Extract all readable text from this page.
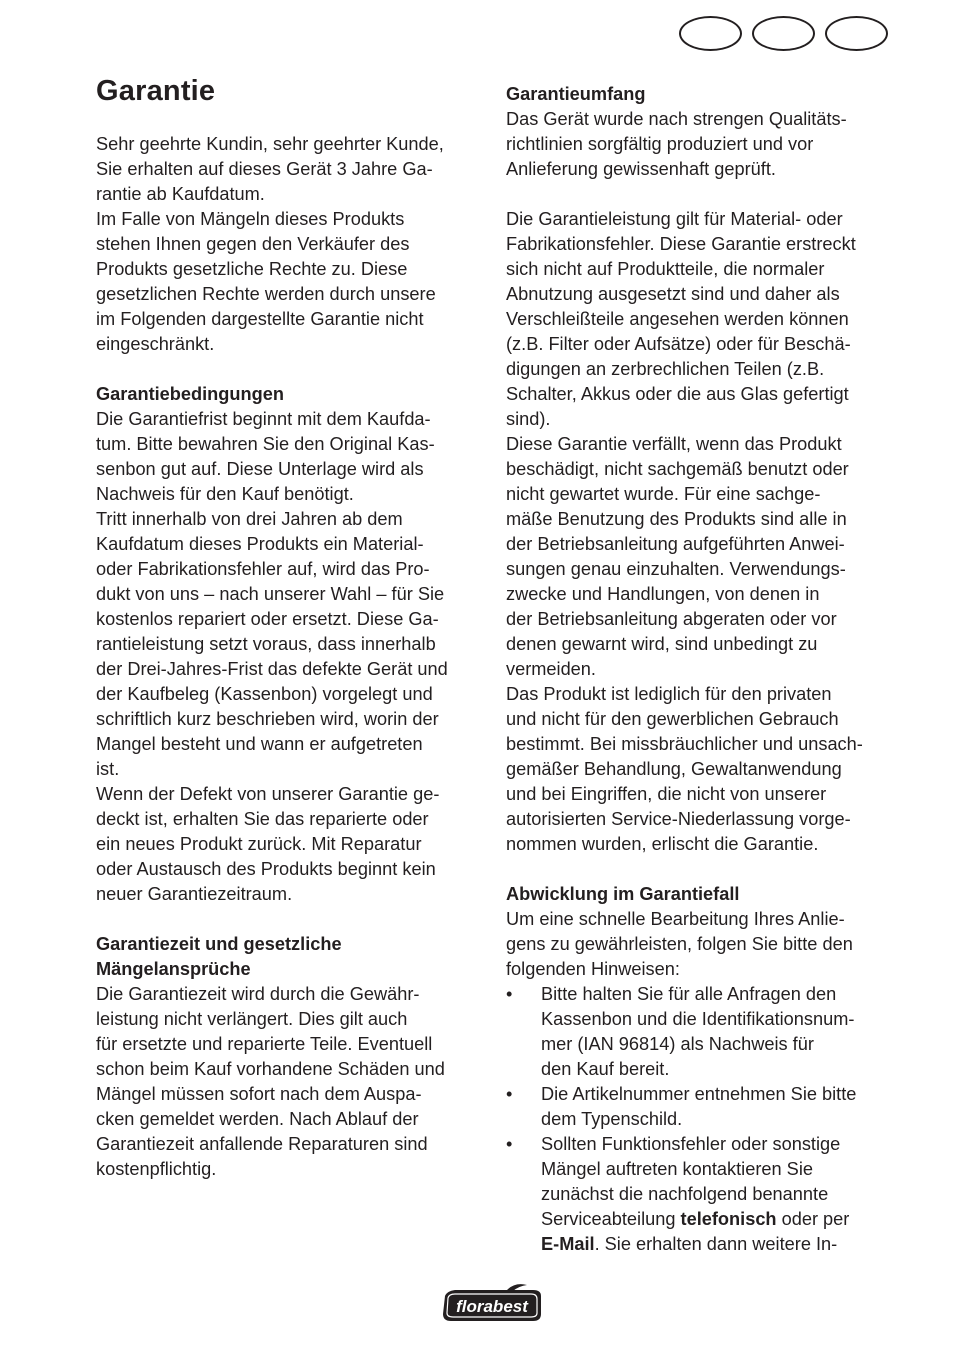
Garantie

Sehr geehrte Kundin, sehr geehrter Kunde,

Sie erhalten auf dieses Gerät 3 Jahre Ga-

rantie ab Kaufdatum.

Im Falle von Mängeln dieses Produkts

stehen Ihnen gegen den Verkäufer des

Produkts gesetzliche Rechte zu. Diese

gesetzlichen Rechte werden durch unsere

im Folgenden dargestellte Garantie nicht

eingeschränkt.

Garantiebedingungen

Die Garantiefrist beginnt mit dem Kaufda-

tum. Bitte bewahren Sie den Original Kas-

senbon gut auf. Diese Unterlage wird als

Nachweis für den Kauf benötigt.

Tritt innerhalb von drei Jahren ab dem

Kaufdatum dieses Produkts ein Material-

oder Fabrikationsfehler auf, wird das Pro-

dukt von uns – nach unserer Wahl – für Sie

kostenlos repariert oder ersetzt. Diese Ga-

rantieleistung setzt voraus, dass innerhalb

der Drei-Jahres-Frist das defekte Gerät und

der Kaufbeleg (Kassenbon) vorgelegt und

schriftlich kurz beschrieben wird, worin der

Mangel besteht und wann er aufgetreten

ist.

Wenn der Defekt von unserer Garantie ge-

deckt ist, erhalten Sie das reparierte oder

ein neues Produkt zurück. Mit Reparatur

oder Austausch des Produkts beginnt kein

neuer Garantiezeitraum.

Garantiezeit und gesetzliche

Mängelansprüche

Die Garantiezeit wird durch die Gewähr-

leistung nicht verlängert. Dies gilt auch

für ersetzte und reparierte Teile. Eventuell

schon beim Kauf vorhandene Schäden und

Mängel müssen sofort nach dem Auspa-

cken gemeldet werden. Nach Ablauf der

Garantiezeit anfallende Reparaturen sind

kostenpflichtig.

Garantieumfang

Das Gerät wurde nach strengen Qualitäts-

richtlinien sorgfältig produziert und vor

Anlieferung gewissenhaft geprüft.

Die Garantieleistung gilt für Material- oder

Fabrikationsfehler. Diese Garantie erstreckt

sich nicht auf Produktteile, die normaler

Abnutzung ausgesetzt sind und daher als

Verschleißteile angesehen werden können

(z.B. Filter oder Aufsätze) oder für Beschä-

digungen an zerbrechlichen Teilen (z.B.

Schalter, Akkus oder die aus Glas gefertigt

sind).

Diese Garantie verfällt, wenn das Produkt

beschädigt, nicht sachgemäß benutzt oder

nicht gewartet wurde. Für eine sachge-

mäße Benutzung des Produkts sind alle in

der Betriebsanleitung aufgeführten Anwei-

sungen genau einzuhalten. Verwendungs-

zwecke und Handlungen, von denen in

der Betriebsanleitung abgeraten oder vor

denen gewarnt wird, sind unbedingt zu

vermeiden.

Das Produkt ist lediglich für den privaten

und nicht für den gewerblichen Gebrauch

bestimmt. Bei missbräuchlicher und unsach-

gemäßer Behandlung, Gewaltanwendung

und bei Eingriffen, die nicht von unserer

autorisierten Service-Niederlassung vorge-

nommen wurden, erlischt die Garantie.

Abwicklung im Garantiefall

Um eine schnelle Bearbeitung Ihres Anlie-

gens zu gewährleisten, folgen Sie bitte den

folgenden Hinweisen:

• Bitte halten Sie für alle Anfragen den

Kassenbon und die Identifikationsnum-

mer (IAN 96814) als Nachweis für

den Kauf bereit.

• Die Artikelnummer entnehmen Sie bitte

dem Typenschild.

• Sollten Funktionsfehler oder sonstige

Mängel auftreten kontaktieren Sie

zunächst die nachfolgend benannte

Serviceabteilung telefonisch oder per

E-Mail. Sie erhalten dann weitere In-

florabest
